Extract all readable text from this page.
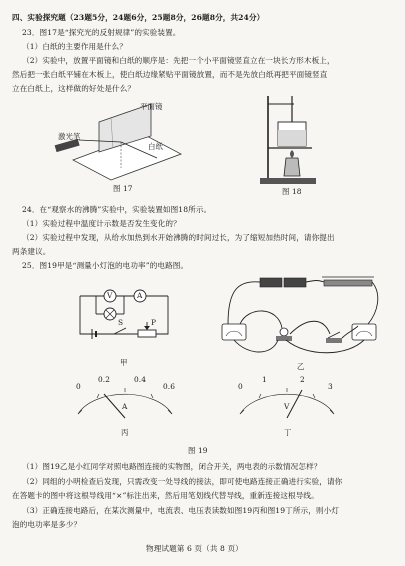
四、实验探究题（23题5分，24题6分，25题8分，26题8分，共24分）
23．图17是“探究光的反射规律”的实验装置。
（1）白纸的主要作用是什么？
（2）实验中，放置平面镜和白纸的顺序是：先把一个小平面镜竖直立在一块长方形木板上，
然后把一张白纸平铺在木板上，使白纸边缘紧贴平面镜放置，而不是先放白纸再把平面镜竖直
立在白纸上，这样做的好处是什么？
平面镜
激光笔
白纸
图 17	图 18
24．在“观察水的沸腾”实验中，实验装置如图18所示。
（1）实验过程中温度计示数是否发生变化的？
（2）实验过程中发现，从给水加热到水开始沸腾的时间过长，为了缩短加热时间，请你提出
两条建议。
25．图19甲是“测量小灯泡的电功率”的电路图。
V	A
S	P
甲	乙
0
0.2	0.4
0.6
A
0
1	2
3
V
丙	丁
图 19
（1）图19乙是小红同学对照电路图连接的实物图，闭合开关，两电表的示数情况怎样？
（2）同组的小明检查后发现，只需改变一处导线的接法，即可使电路连接正确进行实验，请你
在答题卡的图中将这根导线用“×”标注出来，然后用笔划线代替导线，重新连接这根导线。
（3）正确连接电路后，在某次测量中，电流表、电压表读数如图19丙和图19丁所示，则小灯
泡的电功率是多少？
物理试题第 6 页（共 8 页）
